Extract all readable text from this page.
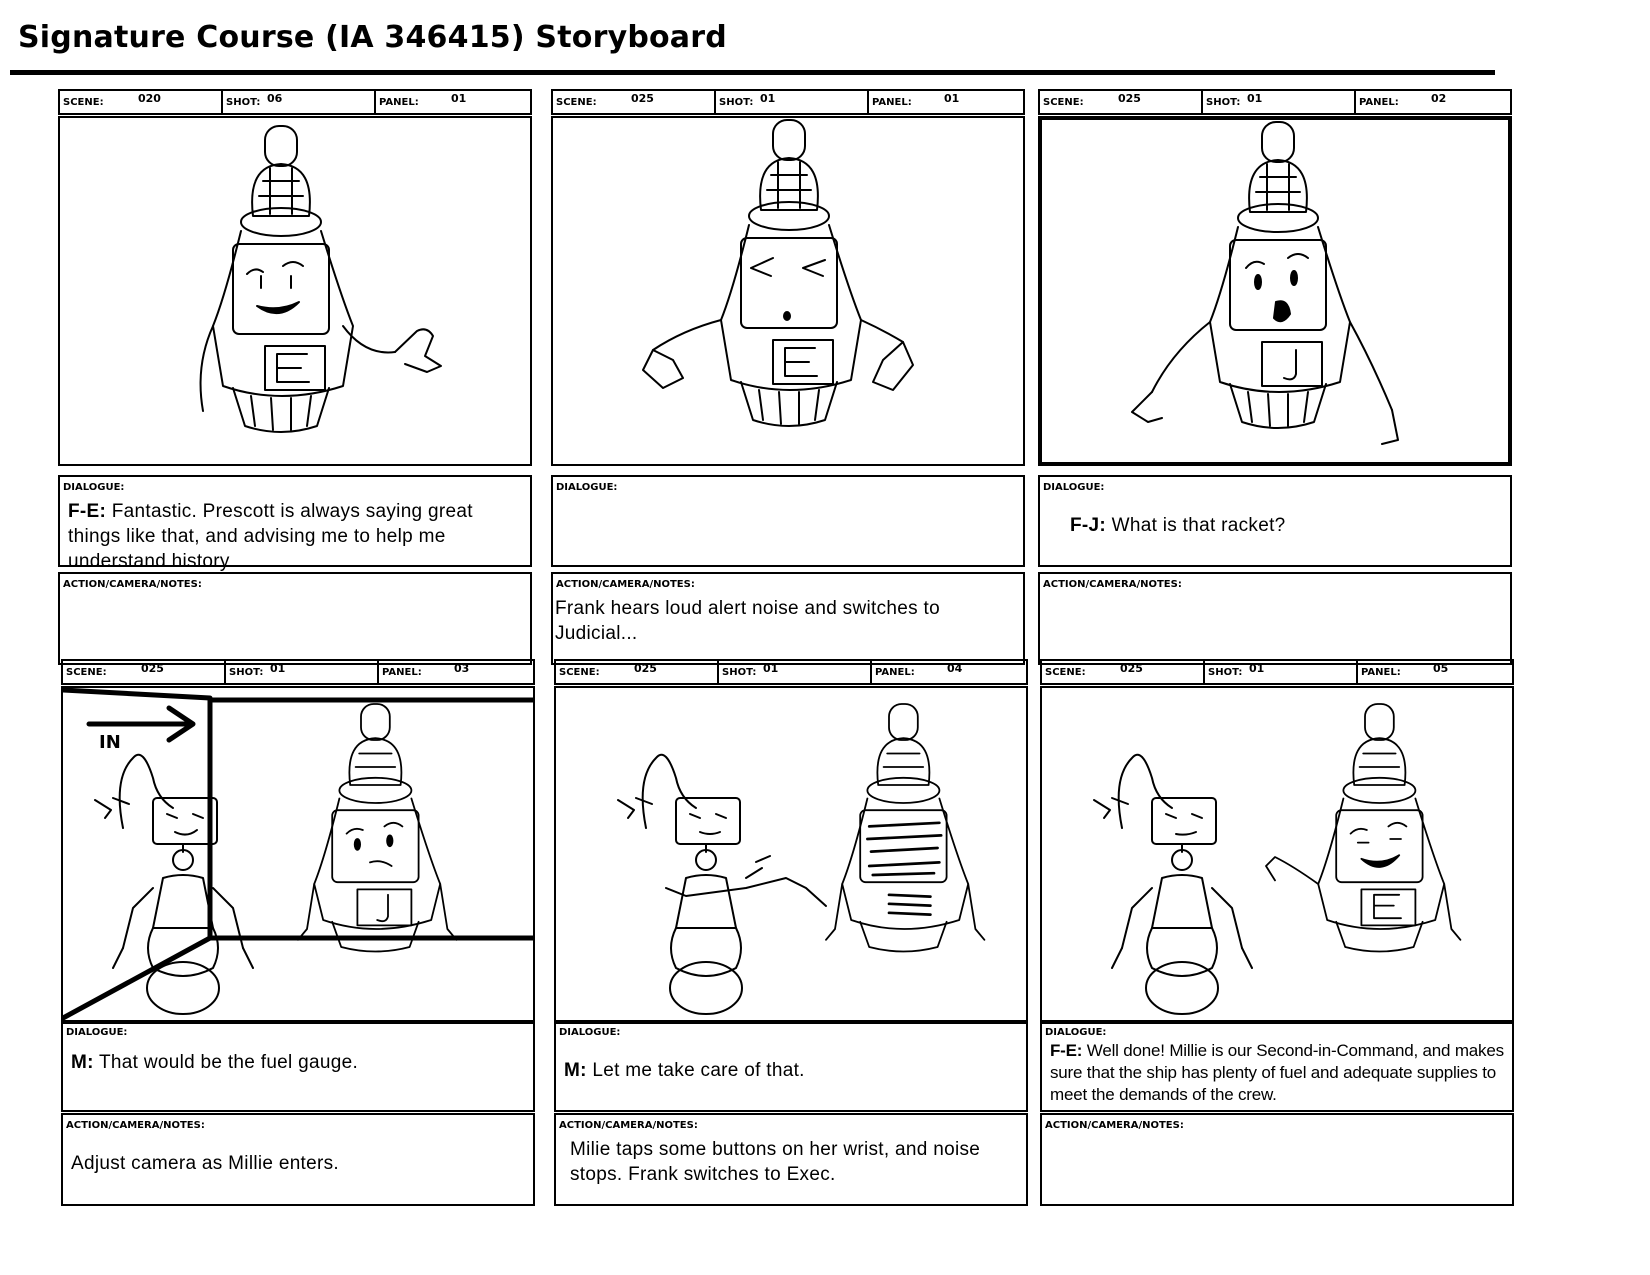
Signature Course (IA 346415) Storyboard
SCENE:	020	SHOT: 06	PANEL:	01
DIALOGUE:
F-E: Fantastic. Prescott is always saying great things like that, and advising me to help me understand history
ACTION/CAMERA/NOTES:
SCENE:	025	SHOT: 01	PANEL:	01
DIALOGUE:
ACTION/CAMERA/NOTES:
Frank hears loud alert noise and switches to Judicial...
SCENE:	025	SHOT: 01	PANEL:	02
DIALOGUE:
F-J: What is that racket?
ACTION/CAMERA/NOTES:
SCENE:	025	SHOT: 01	PANEL:	03
IN
DIALOGUE:
M: That would be the fuel gauge.
ACTION/CAMERA/NOTES:
Adjust camera as Millie enters.
SCENE:	025	SHOT: 01	PANEL:	04
DIALOGUE:
M: Let me take care of that.
ACTION/CAMERA/NOTES:
Milie taps some buttons on her wrist, and noise stops. Frank switches to Exec.
SCENE:	025	SHOT: 01	PANEL:	05
DIALOGUE:
F-E: Well done! Millie is our Second-in-Command, and makes sure that the ship has plenty of fuel and adequate supplies to meet the demands of the crew.
ACTION/CAMERA/NOTES:
